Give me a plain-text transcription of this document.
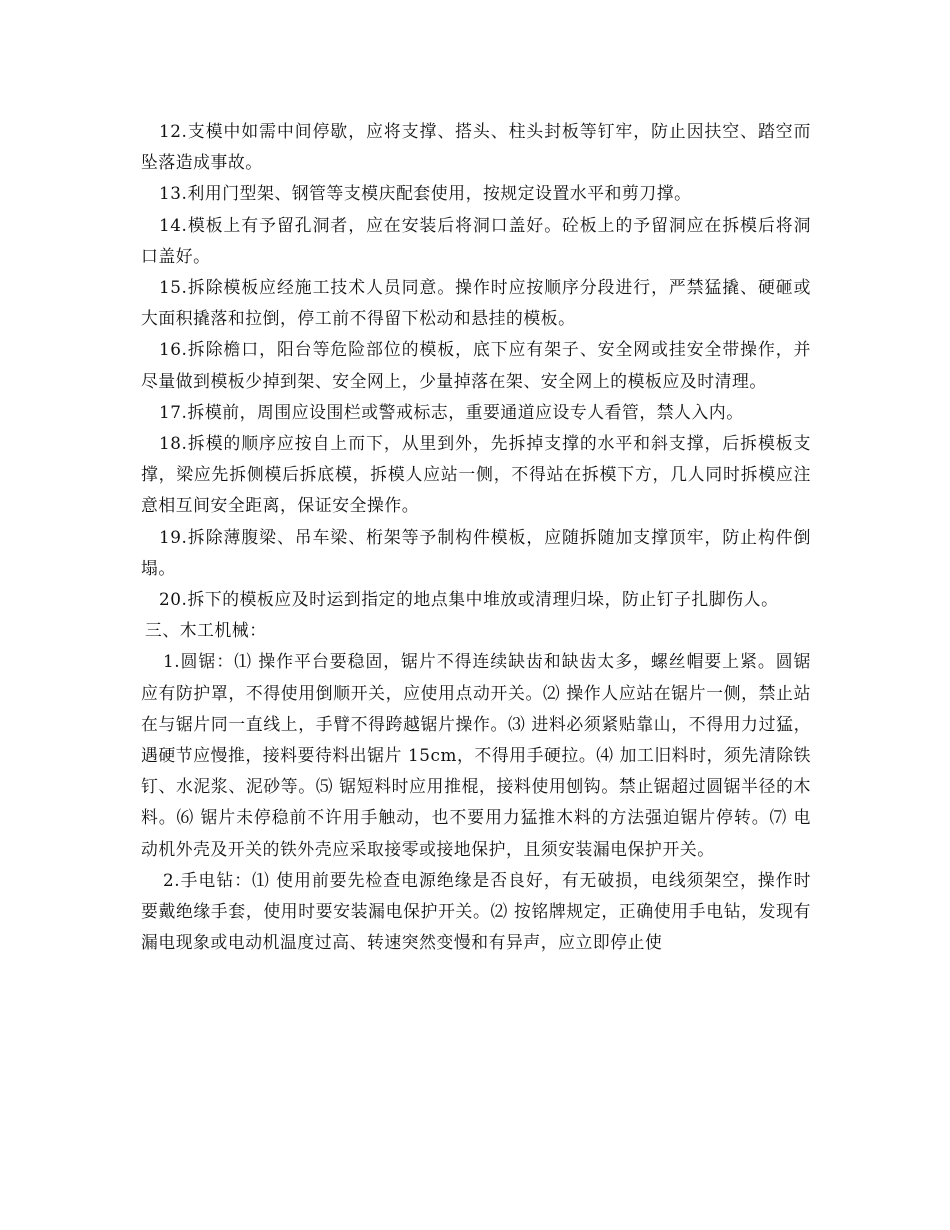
12.支模中如需中间停歇，应将支撑、搭头、柱头封板等钉牢，防止因扶空、踏空而坠落造成事故。

13.利用门型架、钢管等支模庆配套使用，按规定设置水平和剪刀撑。

14.模板上有予留孔洞者，应在安装后将洞口盖好。砼板上的予留洞应在拆模后将洞口盖好。

15.拆除模板应经施工技术人员同意。操作时应按顺序分段进行，严禁猛撬、硬砸或大面积撬落和拉倒，停工前不得留下松动和悬挂的模板。

16.拆除檐口，阳台等危险部位的模板，底下应有架子、安全网或挂安全带操作，并尽量做到模板少掉到架、安全网上，少量掉落在架、安全网上的模板应及时清理。

17.拆模前，周围应设围栏或警戒标志，重要通道应设专人看管，禁人入内。

18.拆模的顺序应按自上而下，从里到外，先拆掉支撑的水平和斜支撑，后拆模板支撑，梁应先拆侧模后拆底模，拆模人应站一侧，不得站在拆模下方，几人同时拆模应注意相互间安全距离，保证安全操作。

19.拆除薄腹梁、吊车梁、桁架等予制构件模板，应随拆随加支撑顶牢，防止构件倒塌。

20.拆下的模板应及时运到指定的地点集中堆放或清理归垛，防止钉子扎脚伤人。

三、木工机械：

1.圆锯：⑴ 操作平台要稳固，锯片不得连续缺齿和缺齿太多，螺丝帽要上紧。圆锯应有防护罩，不得使用倒顺开关，应使用点动开关。⑵ 操作人应站在锯片一侧，禁止站在与锯片同一直线上，手臂不得跨越锯片操作。⑶ 进料必须紧贴靠山，不得用力过猛，遇硬节应慢推，接料要待料出锯片 15cm，不得用手硬拉。⑷ 加工旧料时，须先清除铁钉、水泥浆、泥砂等。⑸ 锯短料时应用推棍，接料使用刨钩。禁止锯超过圆锯半径的木料。⑹ 锯片未停稳前不许用手触动，也不要用力猛推木料的方法强迫锯片停转。⑺ 电动机外壳及开关的铁外壳应采取接零或接地保护，且须安装漏电保护开关。

2.手电钻：⑴ 使用前要先检查电源绝缘是否良好，有无破损，电线须架空，操作时要戴绝缘手套，使用时要安装漏电保护开关。⑵ 按铭牌规定，正确使用手电钻，发现有漏电现象或电动机温度过高、转速突然变慢和有异声，应立即停止使
